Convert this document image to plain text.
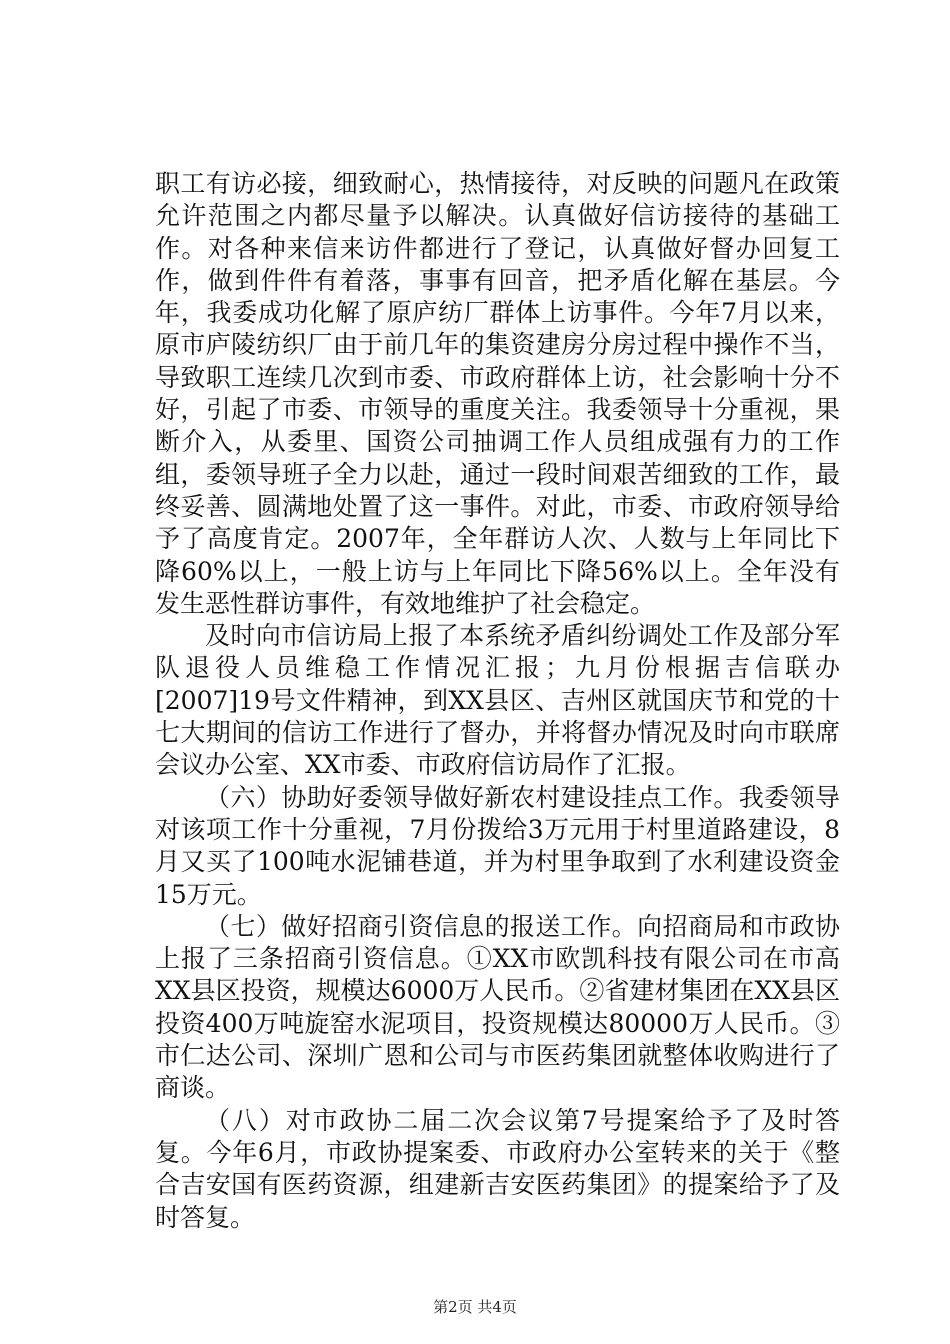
职工有访必接，细致耐心，热情接待，对反映的问题凡在政策允许范围之内都尽量予以解决。认真做好信访接待的基础工作。对各种来信来访件都进行了登记，认真做好督办回复工作，做到件件有着落，事事有回音，把矛盾化解在基层。今年，我委成功化解了原庐纺厂群体上访事件。今年7月以来，原市庐陵纺织厂由于前几年的集资建房分房过程中操作不当，导致职工连续几次到市委、市政府群体上访，社会影响十分不好，引起了市委、市领导的重度关注。我委领导十分重视，果断介入，从委里、国资公司抽调工作人员组成强有力的工作组，委领导班子全力以赴，通过一段时间艰苦细致的工作，最终妥善、圆满地处置了这一事件。对此，市委、市政府领导给予了高度肯定。2007年，全年群访人次、人数与上年同比下降60%以上，一般上访与上年同比下降56%以上。全年没有发生恶性群访事件，有效地维护了社会稳定。

及时向市信访局上报了本系统矛盾纠纷调处工作及部分军队退役人员维稳工作情况汇报；九月份根据吉信联办[2007]19号文件精神，到XX县区、吉州区就国庆节和党的十七大期间的信访工作进行了督办，并将督办情况及时向市联席会议办公室、XX市委、市政府信访局作了汇报。

（六）协助好委领导做好新农村建设挂点工作。我委领导对该项工作十分重视，7月份拨给3万元用于村里道路建设，8月又买了100吨水泥铺巷道，并为村里争取到了水利建设资金15万元。

（七）做好招商引资信息的报送工作。向招商局和市政协上报了三条招商引资信息。①XX市欧凯科技有限公司在市高XX县区投资，规模达6000万人民币。②省建材集团在XX县区投资400万吨旋窑水泥项目，投资规模达80000万人民币。③市仁达公司、深圳广恩和公司与市医药集团就整体收购进行了商谈。

（八）对市政协二届二次会议第7号提案给予了及时答复。今年6月，市政协提案委、市政府办公室转来的关于《整合吉安国有医药资源，组建新吉安医药集团》的提案给予了及时答复。

第2页 共4页
